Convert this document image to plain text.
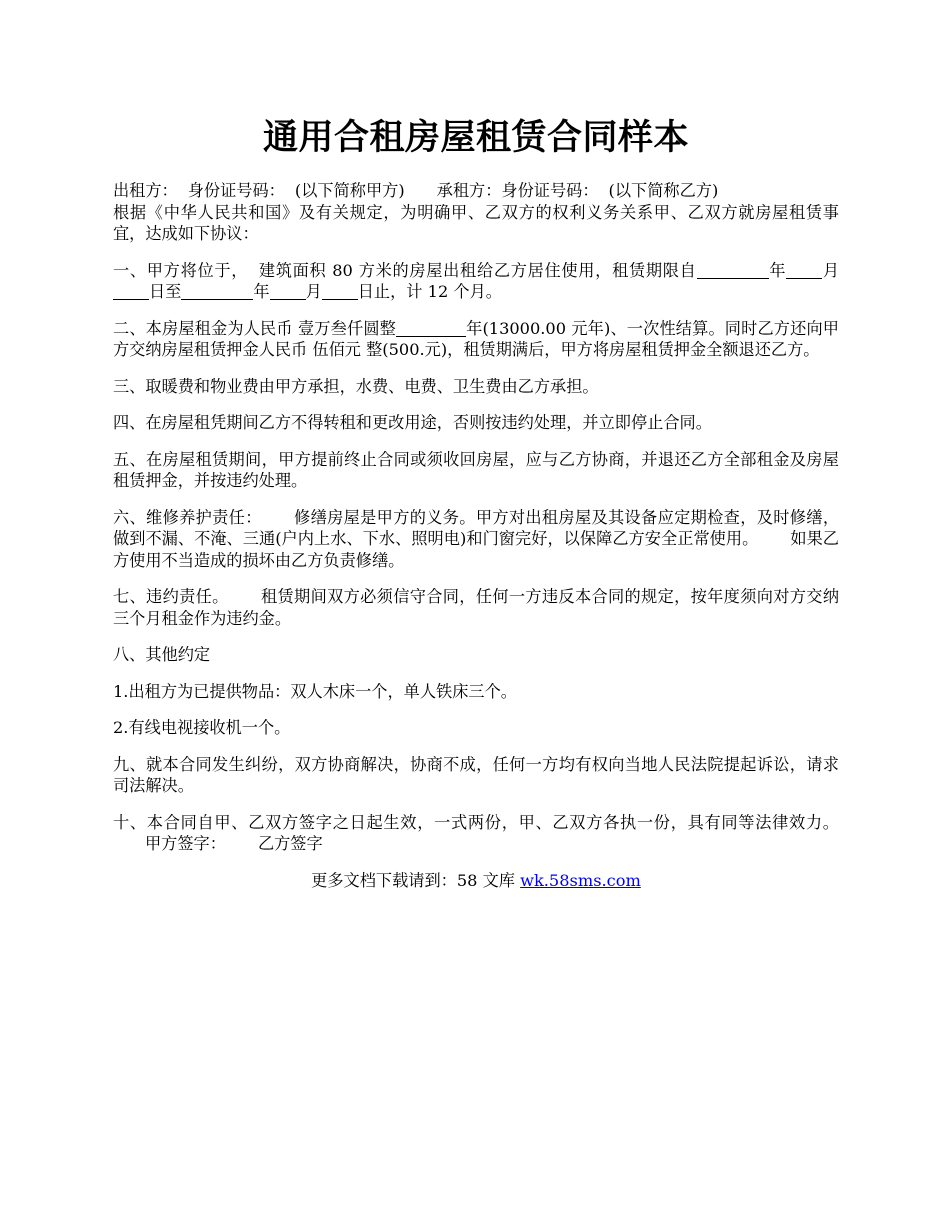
通用合租房屋租赁合同样本

出租方： 身份证号码： (以下简称甲方) 承租方：身份证号码： (以下简称乙方)

根据《中华人民共和国》及有关规定，为明确甲、乙双方的权利义务关系甲、乙双方就房屋租赁事宜，达成如下协议：

一、甲方将位于， 建筑面积 80 方米的房屋出租给乙方居住使用，租赁期限自	年 月日至	年 月 日止，计 12 个月。

二、本房屋租金为人民币 壹万叁仟圆整	年(13000.00 元年)、一次性结算。同时乙方还向甲方交纳房屋租赁押金人民币 伍佰元 整(500.元)，租赁期满后，甲方将房屋租赁押金全额退还乙方。

三、取暖费和物业费由甲方承担，水费、电费、卫生费由乙方承担。

四、在房屋租凭期间乙方不得转租和更改用途，否则按违约处理，并立即停止合同。

五、在房屋租赁期间，甲方提前终止合同或须收回房屋，应与乙方协商，并退还乙方全部租金及房屋租赁押金，并按违约处理。

六、维修养护责任： 修缮房屋是甲方的义务。甲方对出租房屋及其设备应定期检查，及时修缮，做到不漏、不淹、三通(户内上水、下水、照明电)和门窗完好，以保障乙方安全正常使用。 如果乙方使用不当造成的损坏由乙方负责修缮。

七、违约责任。 租赁期间双方必须信守合同，任何一方违反本合同的规定，按年度须向对方交纳三个月租金作为违约金。

八、其他约定

1.出租方为已提供物品：双人木床一个，单人铁床三个。

2.有线电视接收机一个。

九、就本合同发生纠纷，双方协商解决，协商不成，任何一方均有权向当地人民法院提起诉讼，请求司法解决。

十、本合同自甲、乙双方签字之日起生效，一式两份，甲、乙双方各执一份，具有同等法律效力。甲方签字： 乙方签字

更多文档下载请到：58 文库 wk.58sms.com
